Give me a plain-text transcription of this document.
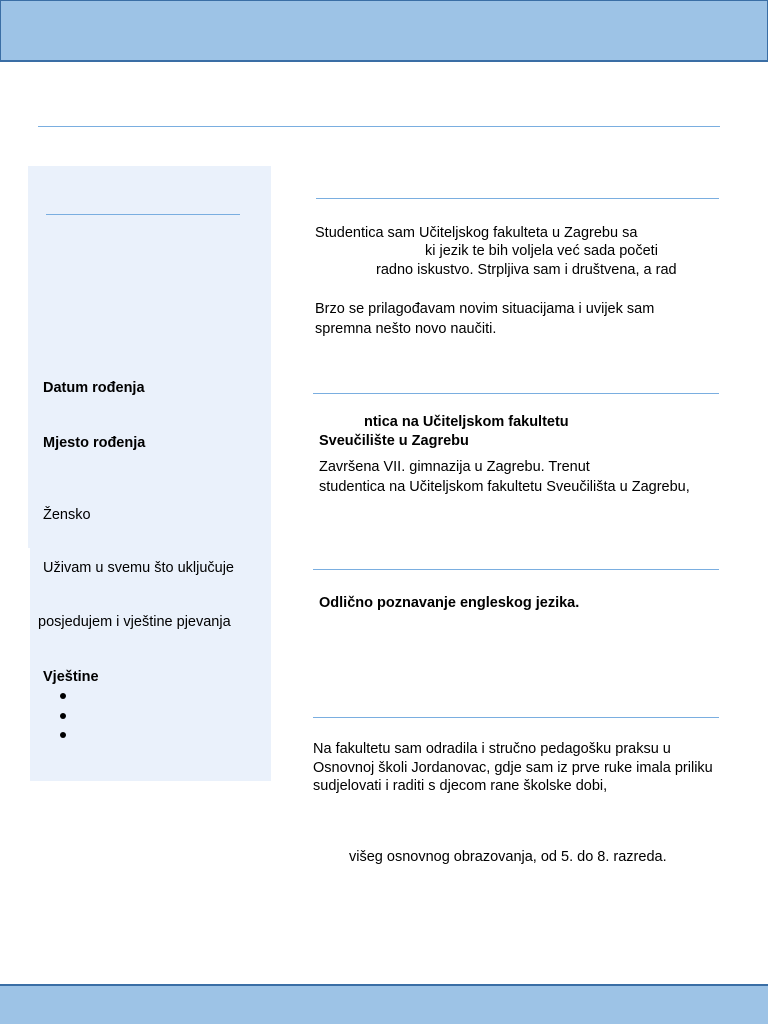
Datum rođenja
Mjesto rođenja
Žensko
Uživam u svemu što uključuje
posjedujem i vještine pjevanja
Vještine
Studentica sam Učiteljskog fakulteta u Zagrebu sa
ki jezik te bih voljela već sada početi
radno iskustvo. Strpljiva sam i društvena, a rad
Brzo se prilagođavam novim situacijama i uvijek sam
spremna nešto novo naučiti.
ntica na Učiteljskom fakultetu
Sveučilište u Zagrebu
Završena VII. gimnazija u Zagrebu. Trenut
studentica na Učiteljskom fakultetu Sveučilišta u Zagrebu,
Odlično poznavanje engleskog jezika.
Na fakultetu sam odradila i stručno pedagošku praksu u
Osnovnoj školi Jordanovac, gdje sam iz prve ruke imala priliku
sudjelovati i raditi s djecom rane školske dobi,
višeg osnovnog obrazovanja, od 5. do 8. razreda.
